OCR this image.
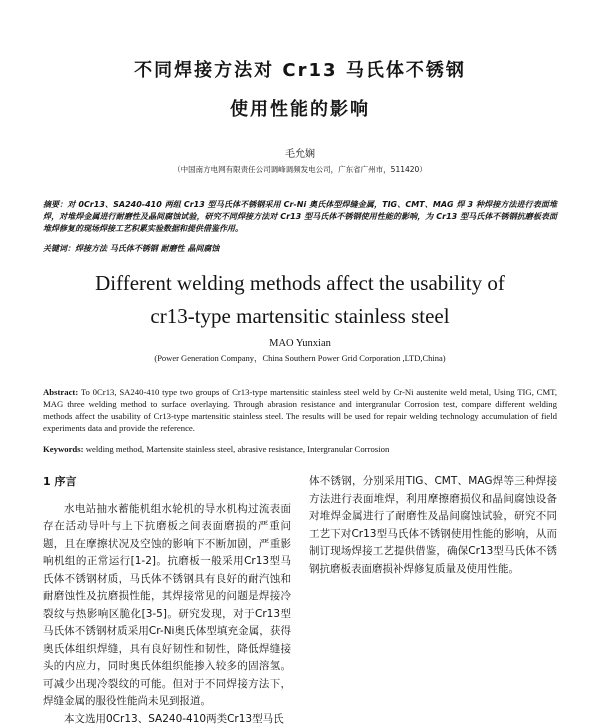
不同焊接方法对 Cr13 马氏体不锈钢
使用性能的影响
毛允娴
（中国南方电网有限责任公司调峰调频发电公司，广东省广州市，511420）

摘要：对 0Cr13、SA240-410 两组 Cr13 型马氏体不锈钢采用 Cr-Ni 奥氏体型焊缝金属，TIG、CMT、MAG 焊 3 种焊接方法进行表面堆焊，对堆焊金属进行耐磨性及晶间腐蚀试验，研究不同焊接方法对 Cr13 型马氏体不锈钢使用性能的影响，为 Cr13 型马氏体不锈钢抗磨板表面堆焊修复的现场焊接工艺积累实验数据和提供借鉴作用。

关键词：焊接方法 马氏体不锈钢 耐磨性 晶间腐蚀

Different welding methods affect the usability of
cr13-type martensitic stainless steel
MAO Yunxian
(Power Generation Company，China Southern Power Grid Corporation ,LTD,China)

Abstract: To 0Cr13, SA240-410 type two groups of Cr13-type martensitic stainless steel weld by Cr-Ni austenite weld metal, Using TIG, CMT, MAG three welding method to surface overlaying. Through abrasion resistance and intergranular Corrosion test, compare different welding methods affect the usability of Cr13-type martensitic stainless steel. The results will be used for repair welding technology accumulation of field experiments data and provide the reference.

Keywords: welding method, Martensite stainless steel, abrasive resistance, Intergranular Corrosion

1 序言

水电站抽水蓄能机组水轮机的导水机构过流表面存在活动导叶与上下抗磨板之间表面磨损的严重问题，且在摩擦状况及空蚀的影响下不断加剧，严重影响机组的正常运行[1-2]。抗磨板一般采用Cr13型马氏体不锈钢材质，马氏体不锈钢具有良好的耐汽蚀和耐磨蚀性及抗磨损性能，其焊接常见的问题是焊接冷裂纹与热影响区脆化[3-5]。研究发现，对于Cr13型马氏体不锈钢材质采用Cr-Ni奥氏体型填充金属，获得奥氏体组织焊缝，具有良好韧性和韧性，降低焊缝接头的内应力，同时奥氏体组织能掺入较多的固溶氢。可减少出现冷裂纹的可能。但对于不同焊接方法下，焊缝金属的服役性能尚未见到报道。

本文选用0Cr13、SA240-410两类Cr13型马氏

体不锈钢，分别采用TIG、CMT、MAG焊等三种焊接方法进行表面堆焊，利用摩擦磨损仪和晶间腐蚀设备对堆焊金属进行了耐磨性及晶间腐蚀试验，研究不同工艺下对Cr13型马氏体不锈钢使用性能的影响，从而制订现场焊接工艺提供借鉴，确保Cr13型马氏体不锈钢抗磨板表面磨损补焊修复质量及使用性能。
